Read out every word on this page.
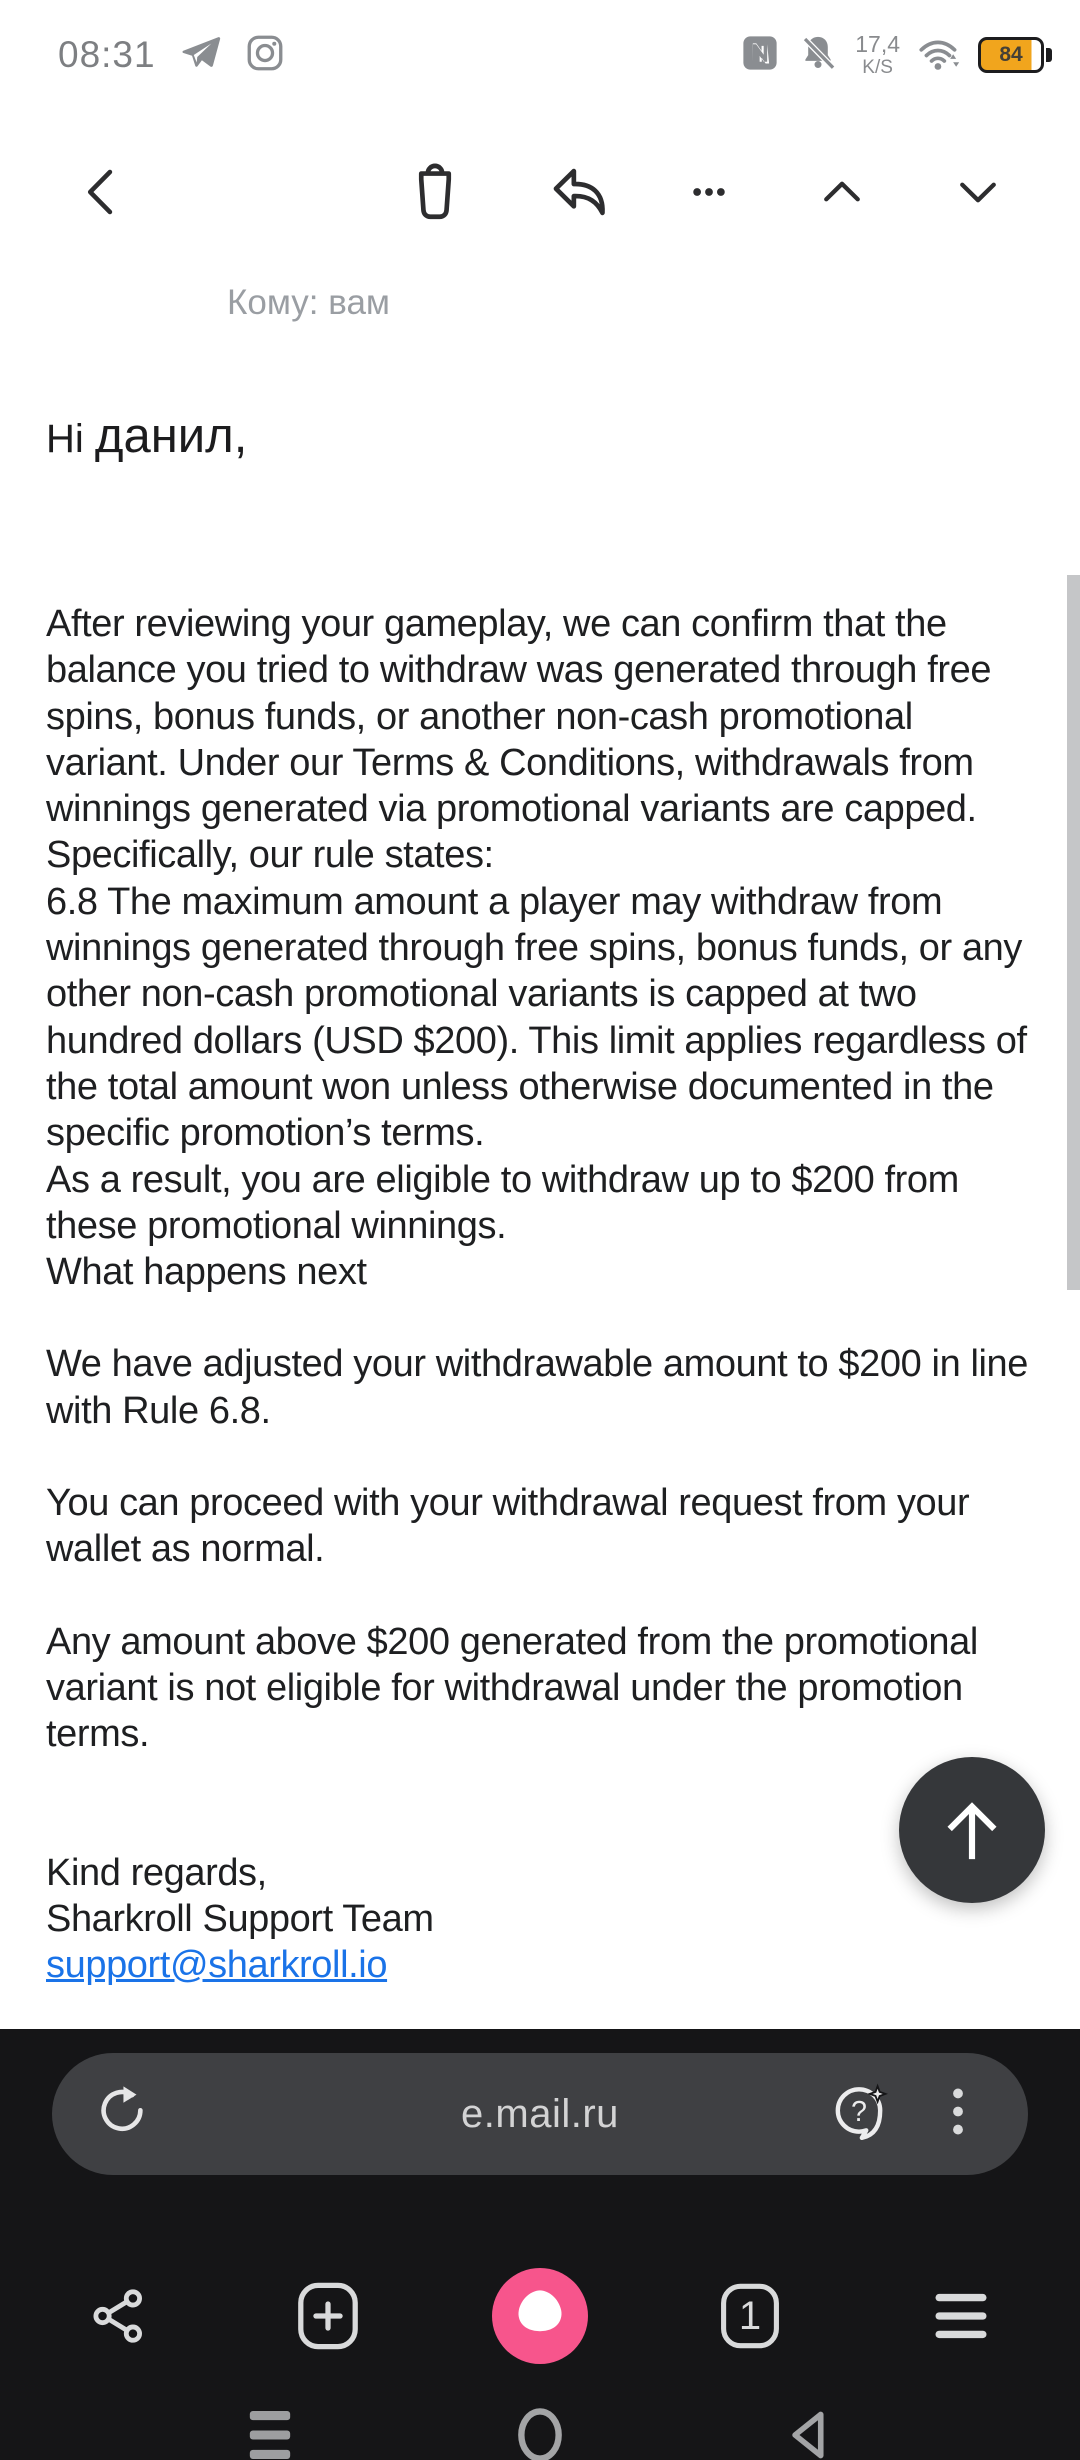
08:31	17,4
K/S
84
Кому: вам
Hi данил,

After reviewing your gameplay, we can confirm that the balance you tried to withdraw was generated through free spins, bonus funds, or another non-cash promotional variant. Under our Terms & Conditions, withdrawals from winnings generated via promotional variants are capped.

Specifically, our rule states:

6.8 The maximum amount a player may withdraw from winnings generated through free spins, bonus funds, or any other non-cash promotional variants is capped at two hundred dollars (USD $200). This limit applies regardless of the total amount won unless otherwise documented in the specific promotion’s terms.

As a result, you are eligible to withdraw up to $200 from these promotional winnings.

What happens next

We have adjusted your withdrawable amount to $200 in line with Rule 6.8.

You can proceed with your withdrawal request from your wallet as normal.

Any amount above $200 generated from the promotional variant is not eligible for withdrawal under the promotion terms.

Kind regards,

Sharkroll Support Team

support@sharkroll.io

e.mail.ru	?
1
